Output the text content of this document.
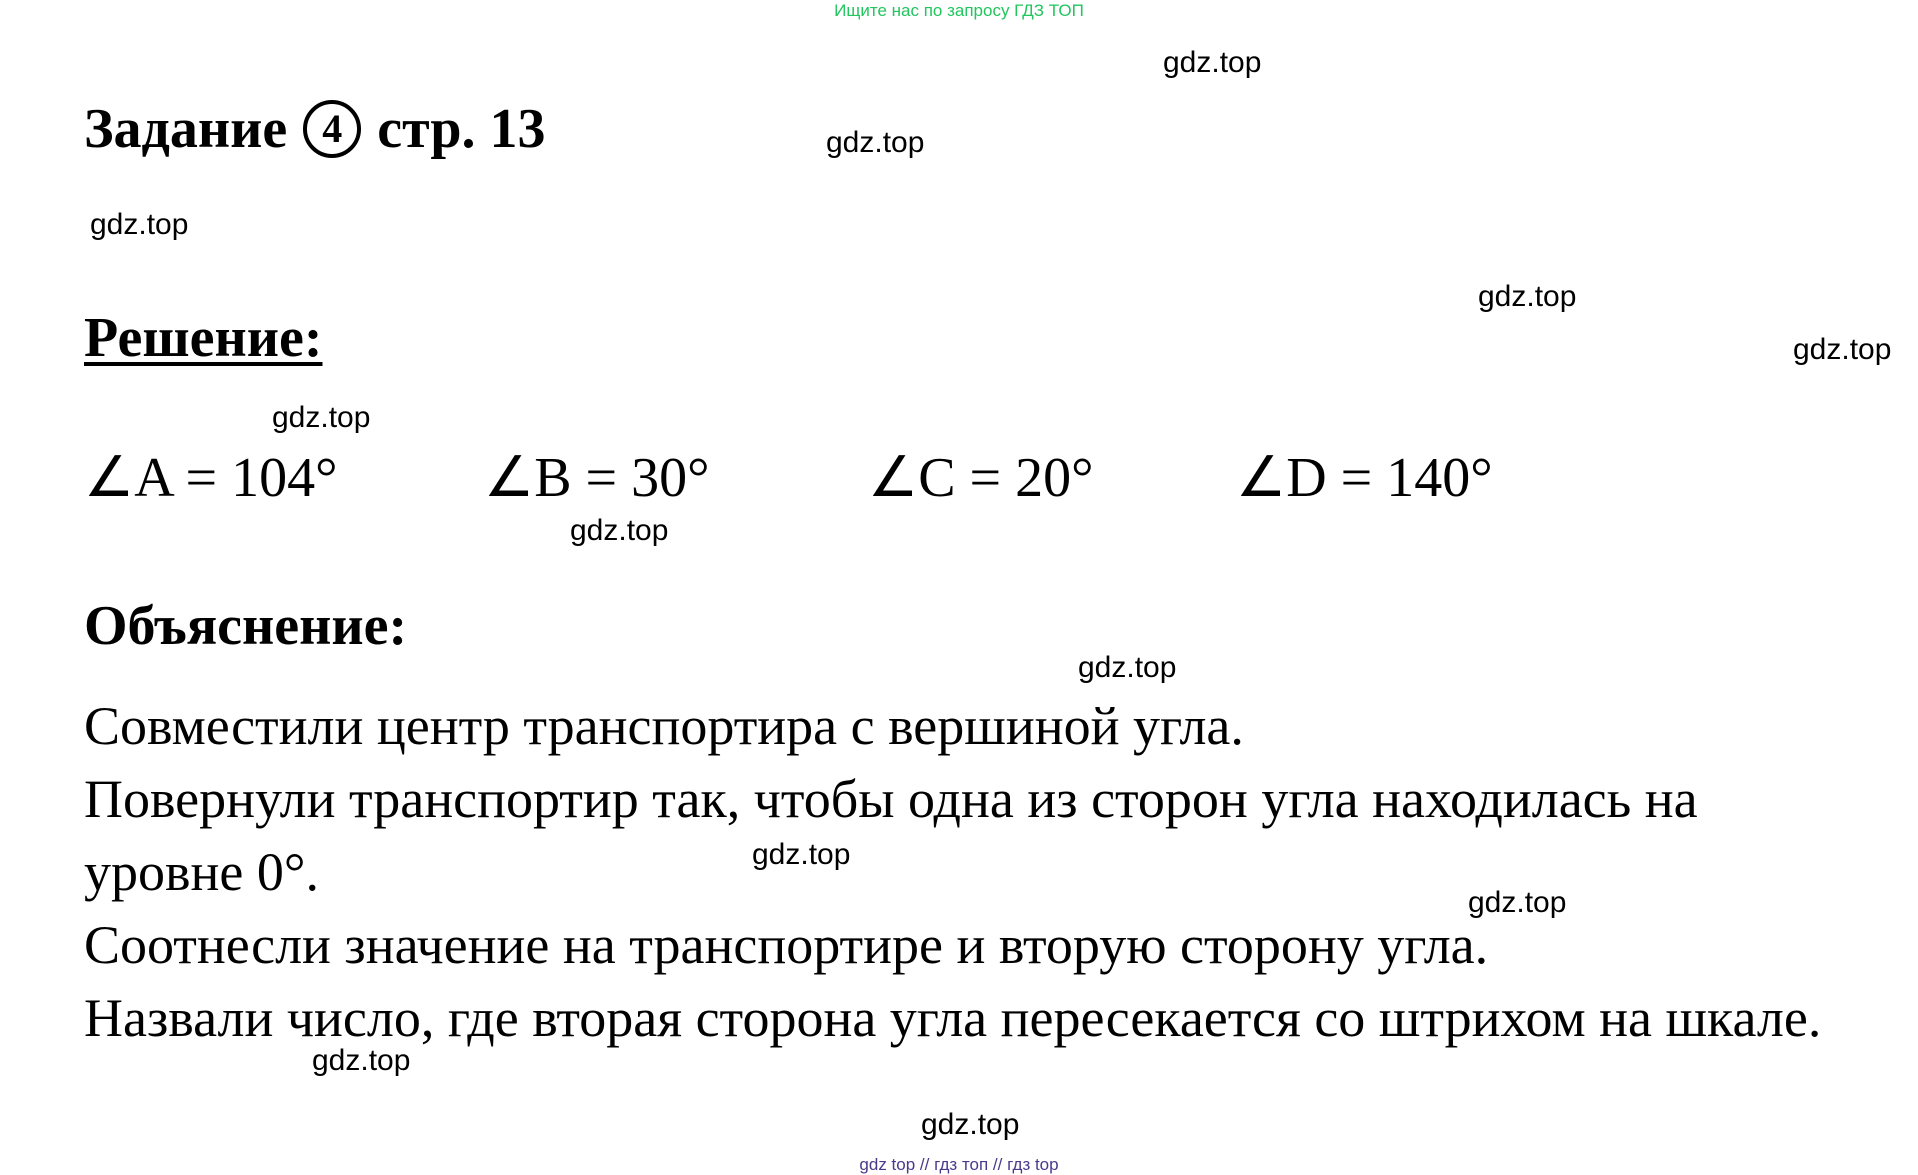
Ищите нас по запросу ГДЗ ТОП
Задание 4 стр. 13
Решение:
∠A = 104°	∠B = 30°	∠C = 20°	∠D = 140°
Объяснение:

Совместили центр транспортира с вершиной угла.

Повернули транспортир так, чтобы одна из сторон угла находилась на уровне 0°.

Соотнесли значение на транспортире и вторую сторону угла.

Назвали число, где вторая сторона угла пересекается со штрихом на шкале.

gdz.top
gdz.top
gdz.top
gdz.top
gdz.top
gdz.top
gdz.top
gdz.top
gdz.top
gdz.top
gdz.top
gdz.top
gdz top // гдз топ // гдз top
